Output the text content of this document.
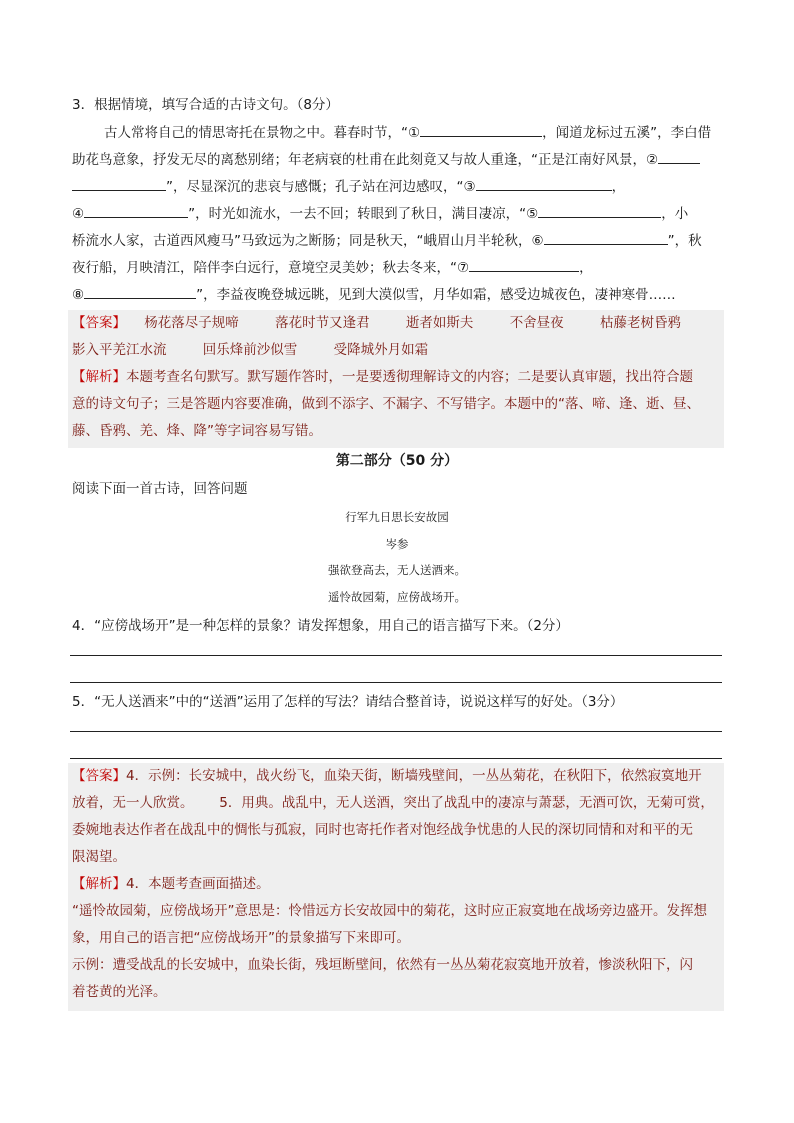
3．根据情境，填写合适的古诗文句。（8分）
古人常将自己的情思寄托在景物之中。暮春时节，“①	，闻道龙标过五溪”，李白借
助花鸟意象，抒发无尽的离愁别绪；年老病衰的杜甫在此刻竟又与故人重逢，“正是江南好风景，②
”，尽显深沉的悲哀与感慨；孔子站在河边感叹，“③	，
④	”，时光如流水，一去不回；转眼到了秋日，满目凄凉，“⑤	，小
桥流水人家，古道西风瘦马”马致远为之断肠；同是秋天，“峨眉山月半轮秋，⑥	”，秋
夜行船，月映清江，陪伴李白远行，意境空灵美妙；秋去冬来，“⑦	，
⑧	”，李益夜晚登城远眺，见到大漠似雪，月华如霜，感受边城夜色，凄神寒骨……
【答案】 杨花落尽子规啼	落花时节又逢君	逝者如斯夫	不舍昼夜	枯藤老树昏鸦
影入平羌江水流	回乐烽前沙似雪	受降城外月如霜
【解析】本题考查名句默写。默写题作答时，一是要透彻理解诗文的内容；二是要认真审题，找出符合题
意的诗文句子；三是答题内容要准确，做到不添字、不漏字、不写错字。本题中的“落、啼、逢、逝、昼、
藤、昏鸦、羌、烽、降”等字词容易写错。
第二部分（50 分）
阅读下面一首古诗，回答问题
行军九日思长安故园
岑参
强欲登高去，无人送酒来。
遥怜故园菊，应傍战场开。
4．“应傍战场开”是一种怎样的景象？请发挥想象，用自己的语言描写下来。（2分）
5．“无人送酒来”中的“送酒”运用了怎样的写法？请结合整首诗，说说这样写的好处。（3分）
【答案】4．示例：长安城中，战火纷飞，血染天街，断墙残壁间，一丛丛菊花，在秋阳下，依然寂寞地开
放着，无一人欣赏。      5．用典。战乱中，无人送酒，突出了战乱中的凄凉与萧瑟，无酒可饮，无菊可赏，
委婉地表达作者在战乱中的惆怅与孤寂，同时也寄托作者对饱经战争忧患的人民的深切同情和对和平的无
限渴望。
【解析】4．本题考查画面描述。
“遥怜故园菊，应傍战场开”意思是：怜惜远方长安故园中的菊花，这时应正寂寞地在战场旁边盛开。发挥想
象，用自己的语言把“应傍战场开”的景象描写下来即可。
示例：遭受战乱的长安城中，血染长街，残垣断壁间，依然有一丛丛菊花寂寞地开放着，惨淡秋阳下，闪
着苍黄的光泽。
